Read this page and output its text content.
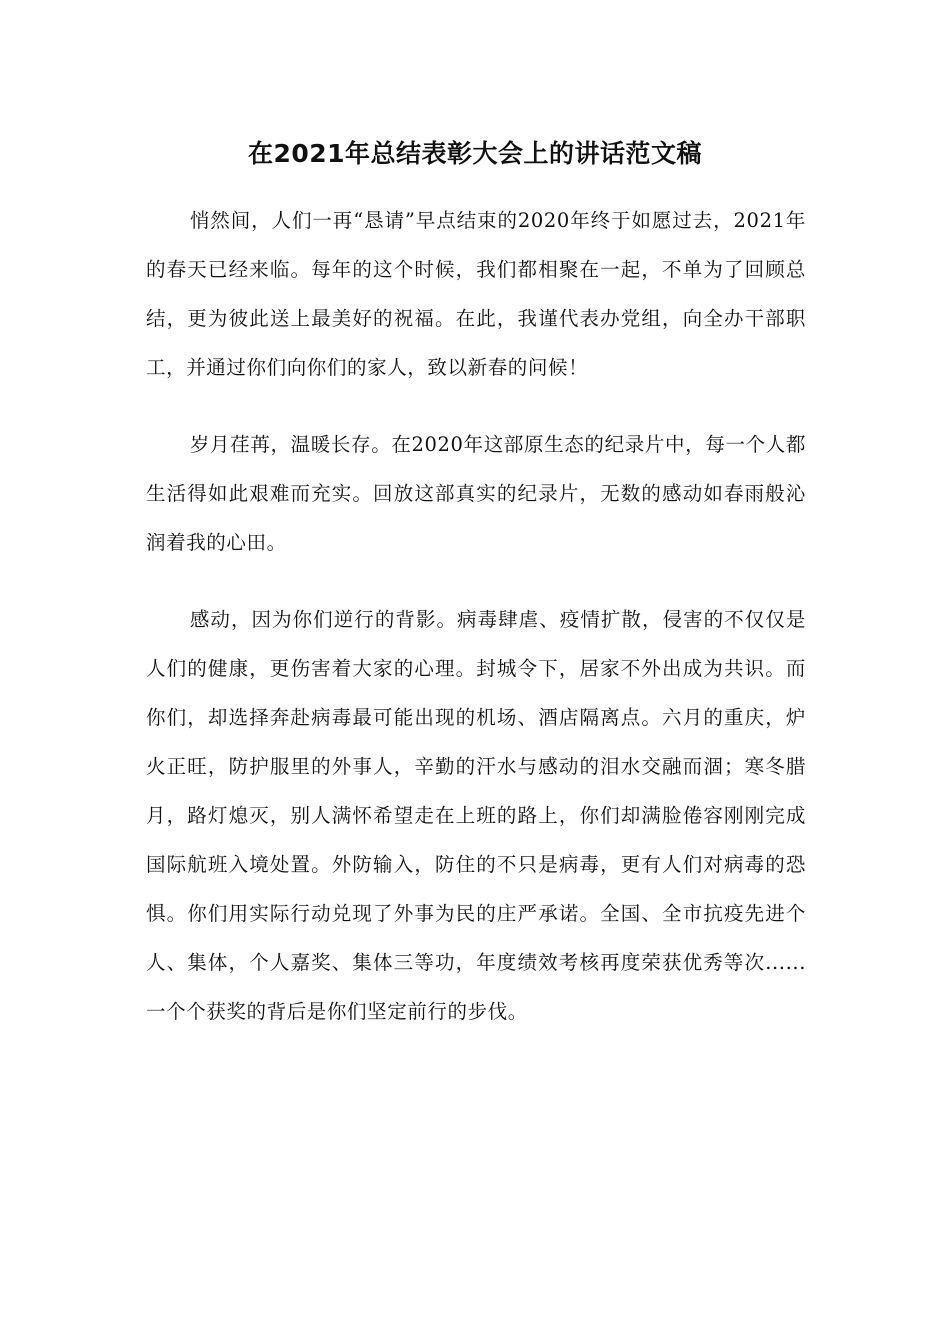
在2021年总结表彰大会上的讲话范文稿

悄然间，人们一再“恳请”早点结束的2020年终于如愿过去，2021年的春天已经来临。每年的这个时候，我们都相聚在一起，不单为了回顾总结，更为彼此送上最美好的祝福。在此，我谨代表办党组，向全办干部职工，并通过你们向你们的家人，致以新春的问候！

岁月荏苒，温暖长存。在2020年这部原生态的纪录片中，每一个人都生活得如此艰难而充实。回放这部真实的纪录片，无数的感动如春雨般沁润着我的心田。

感动，因为你们逆行的背影。病毒肆虐、疫情扩散，侵害的不仅仅是人们的健康，更伤害着大家的心理。封城令下，居家不外出成为共识。而你们，却选择奔赴病毒最可能出现的机场、酒店隔离点。六月的重庆，炉火正旺，防护服里的外事人，辛勤的汗水与感动的泪水交融而涸；寒冬腊月，路灯熄灭，别人满怀希望走在上班的路上，你们却满脸倦容刚刚完成国际航班入境处置。外防输入，防住的不只是病毒，更有人们对病毒的恐惧。你们用实际行动兑现了外事为民的庄严承诺。全国、全市抗疫先进个人、集体，个人嘉奖、集体三等功，年度绩效考核再度荣获优秀等次......一个个获奖的背后是你们坚定前行的步伐。
